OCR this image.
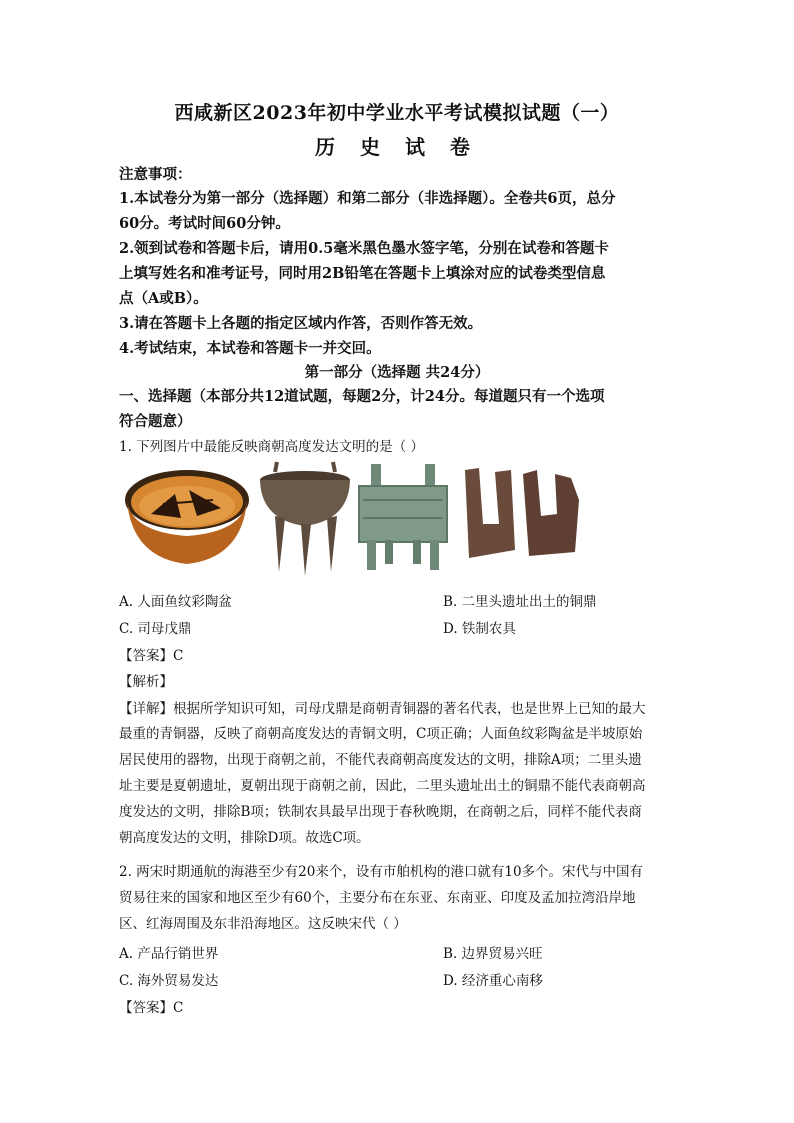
西咸新区2023年初中学业水平考试模拟试题（一）
历 史 试 卷
注意事项：
1.本试卷分为第一部分（选择题）和第二部分（非选择题）。全卷共6页，总分
60分。考试时间60分钟。
2.领到试卷和答题卡后，请用0.5毫米黑色墨水签字笔，分别在试卷和答题卡
上填写姓名和准考证号，同时用2B铅笔在答题卡上填涂对应的试卷类型信息
点（A或B）。
3.请在答题卡上各题的指定区域内作答，否则作答无效。
4.考试结束，本试卷和答题卡一并交回。
第一部分（选择题 共24分）
一、选择题（本部分共12道试题，每题2分，计24分。每道题只有一个选项
符合题意）
1. 下列图片中最能反映商朝高度发达文明的是（ ）
A. 人面鱼纹彩陶盆	B. 二里头遗址出土的铜鼎
C. 司母戊鼎	D. 铁制农具
【答案】C
【解析】
【详解】根据所学知识可知，司母戊鼎是商朝青铜器的著名代表，也是世界上已知的最大
最重的青铜器，反映了商朝高度发达的青铜文明，C项正确；人面鱼纹彩陶盆是半坡原始
居民使用的器物，出现于商朝之前，不能代表商朝高度发达的文明，排除A项；二里头遗
址主要是夏朝遗址，夏朝出现于商朝之前，因此，二里头遗址出土的铜鼎不能代表商朝高
度发达的文明，排除B项；铁制农具最早出现于春秋晚期，在商朝之后，同样不能代表商
朝高度发达的文明，排除D项。故选C项。
2. 两宋时期通航的海港至少有20来个，设有市舶机构的港口就有10多个。宋代与中国有
贸易往来的国家和地区至少有60个，主要分布在东亚、东南亚、印度及孟加拉湾沿岸地
区、红海周围及东非沿海地区。这反映宋代（ ）
A. 产品行销世界	B. 边界贸易兴旺
C. 海外贸易发达	D. 经济重心南移
【答案】C
